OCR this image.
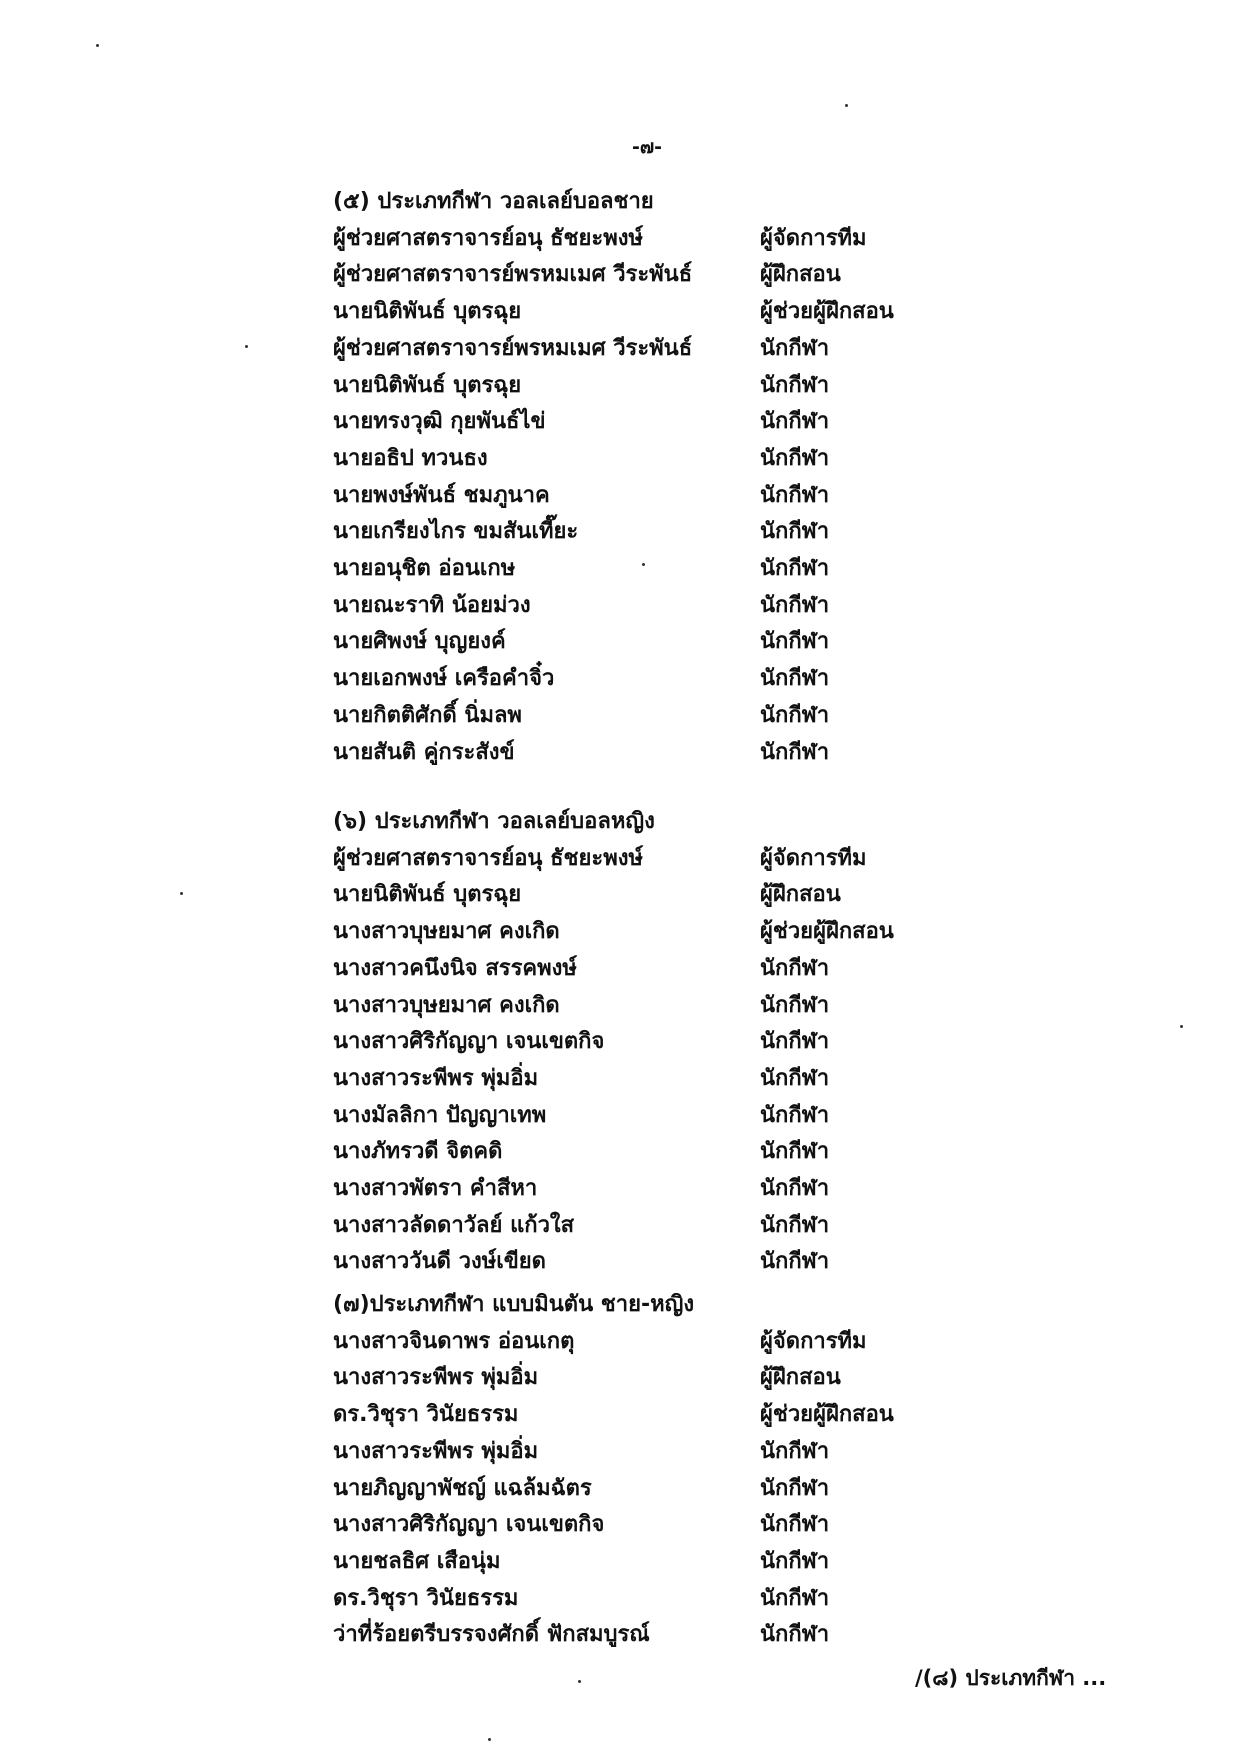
-๗-
(๕) ประเภทกีฬา วอลเลย์บอลชาย
ผู้ช่วยศาสตราจารย์อนุ ธัชยะพงษ์	ผู้จัดการทีม
ผู้ช่วยศาสตราจารย์พรหมเมศ วีระพันธ์	ผู้ฝึกสอน
นายนิติพันธ์ บุตรฉุย	ผู้ช่วยผู้ฝึกสอน
ผู้ช่วยศาสตราจารย์พรหมเมศ วีระพันธ์	นักกีฬา
นายนิติพันธ์ บุตรฉุย	นักกีฬา
นายทรงวุฒิ กุยพันธ์ไข่	นักกีฬา
นายอธิป ทวนธง	นักกีฬา
นายพงษ์พันธ์ ชมภูนาค	นักกีฬา
นายเกรียงไกร ขมสันเที๊ยะ	นักกีฬา
นายอนุชิต อ่อนเกษ	นักกีฬา
นายณะราทิ น้อยม่วง	นักกีฬา
นายศิพงษ์ บุญยงค์	นักกีฬา
นายเอกพงษ์ เครือคำจิ๋ว	นักกีฬา
นายกิตติศักดิ์ นิ่มลพ	นักกีฬา
นายสันติ คู่กระสังข์	นักกีฬา
(๖) ประเภทกีฬา วอลเลย์บอลหญิง
ผู้ช่วยศาสตราจารย์อนุ ธัชยะพงษ์	ผู้จัดการทีม
นายนิติพันธ์ บุตรฉุย	ผู้ฝึกสอน
นางสาวบุษยมาศ คงเกิด	ผู้ช่วยผู้ฝึกสอน
นางสาวคนึงนิจ สรรคพงษ์	นักกีฬา
นางสาวบุษยมาศ คงเกิด	นักกีฬา
นางสาวศิริกัญญา เจนเขตกิจ	นักกีฬา
นางสาวระพีพร พุ่มอิ่ม	นักกีฬา
นางมัลลิกา ปัญญาเทพ	นักกีฬา
นางภัทรวดี จิตคดิ	นักกีฬา
นางสาวพัตรา คำสีหา	นักกีฬา
นางสาวลัดดาวัลย์ แก้วใส	นักกีฬา
นางสาววันดี วงษ์เขียด	นักกีฬา
(๗)ประเภทกีฬา แบบมินตัน ชาย-หญิง
นางสาวจินดาพร อ่อนเกตุ	ผู้จัดการทีม
นางสาวระพีพร พุ่มอิ่ม	ผู้ฝึกสอน
ดร.วิชุรา วินัยธรรม	ผู้ช่วยผู้ฝึกสอน
นางสาวระพีพร พุ่มอิ่ม	นักกีฬา
นายภิญญาพัชญ์ แฉล้มฉัตร	นักกีฬา
นางสาวศิริกัญญา เจนเขตกิจ	นักกีฬา
นายชลธิศ เสือนุ่ม	นักกีฬา
ดร.วิชุรา วินัยธรรม	นักกีฬา
ว่าที่ร้อยตรีบรรจงศักดิ์ ฟักสมบูรณ์	นักกีฬา
/(๘) ประเภทกีฬา ...
